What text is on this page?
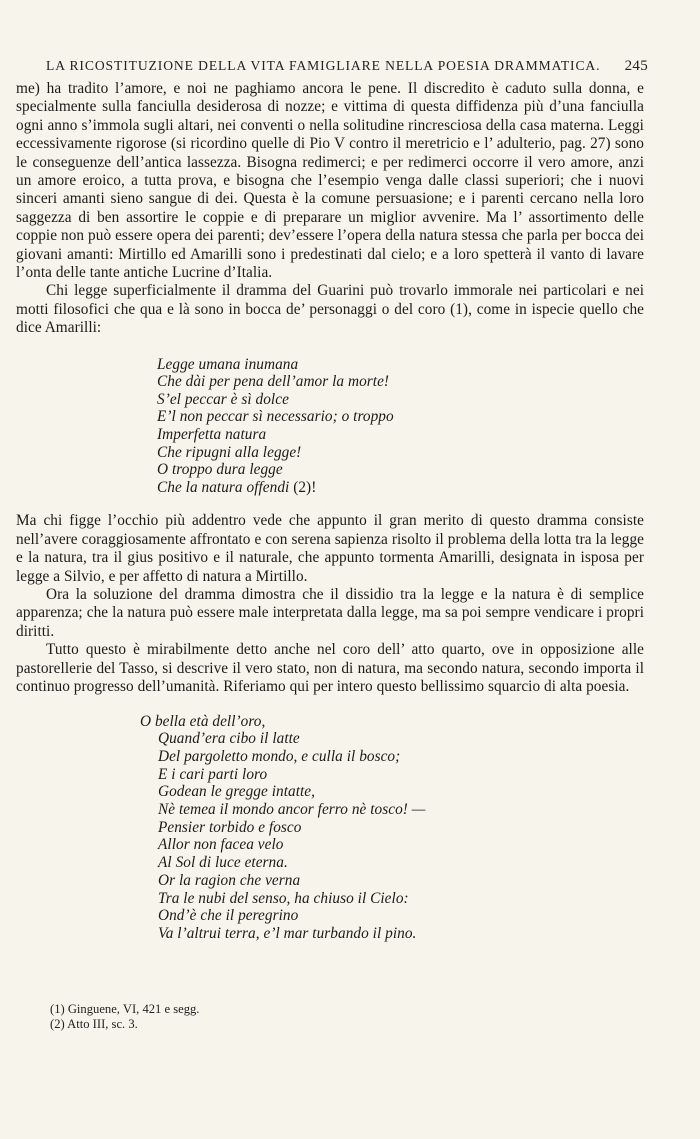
LA RICOSTITUZIONE DELLA VITA FAMIGLIARE NELLA POESIA DRAMMATICA. 245

me) ha tradito l’amore, e noi ne paghiamo ancora le pene. Il discredito è caduto sulla donna, e specialmente sulla fanciulla desiderosa di nozze; e vittima di questa diffidenza più d’una fanciulla ogni anno s’immola sugli altari, nei conventi o nella solitudine rincresciosa della casa materna. Leggi eccessivamente rigorose (si ricordino quelle di Pio V contro il meretricio e l’ adulterio, pag. 27) sono le conseguenze dell’antica lassezza. Bisogna redimerci; e per redimerci occorre il vero amore, anzi un amore eroico, a tutta prova, e bisogna che l’esempio venga dalle classi superiori; che i nuovi sinceri amanti sieno sangue di dei. Questa è la comune persuasione; e i parenti cercano nella loro saggezza di ben assortire le coppie e di preparare un miglior avvenire. Ma l’ assortimento delle coppie non può essere opera dei parenti; dev’essere l’opera della natura stessa che parla per bocca dei giovani amanti: Mirtillo ed Amarilli sono i predestinati dal cielo; e a loro spetterà il vanto di lavare l’onta delle tante antiche Lucrine d’Italia.

Chi legge superficialmente il dramma del Guarini può trovarlo immorale nei particolari e nei motti filosofici che qua e là sono in bocca de’ personaggi o del coro (1), come in ispecie quello che dice Amarilli:

Legge umana inumana
Che dài per pena dell’amor la morte!
S’el peccar è sì dolce
E’l non peccar sì necessario; o troppo
Imperfetta natura
Che ripugni alla legge!
O troppo dura legge
Che la natura offendi (2)!

Ma chi figge l’occhio più addentro vede che appunto il gran merito di questo dramma consiste nell’avere coraggiosamente affrontato e con serena sapienza risolto il problema della lotta tra la legge e la natura, tra il gius positivo e il naturale, che appunto tormenta Amarilli, designata in isposa per legge a Silvio, e per affetto di natura a Mirtillo.

Ora la soluzione del dramma dimostra che il dissidio tra la legge e la natura è di semplice apparenza; che la natura può essere male interpretata dalla legge, ma sa poi sempre vendicare i propri diritti.

Tutto questo è mirabilmente detto anche nel coro dell’ atto quarto, ove in opposizione alle pastorellerie del Tasso, si descrive il vero stato, non di natura, ma secondo natura, secondo importa il continuo progresso dell’umanità. Riferiamo qui per intero questo bellissimo squarcio di alta poesia.

O bella età dell’oro,
Quand’era cibo il latte
Del pargoletto mondo, e culla il bosco;
E i cari parti loro
Godean le gregge intatte,
Nè temea il mondo ancor ferro nè tosco! —
Pensier torbido e fosco
Allor non facea velo
Al Sol di luce eterna.
Or la ragion che verna
Tra le nubi del senso, ha chiuso il Cielo:
Ond’è che il peregrino
Va l’altrui terra, e’l mar turbando il pino.
(1) Ginguene, VI, 421 e segg.
(2) Atto III, sc. 3.
